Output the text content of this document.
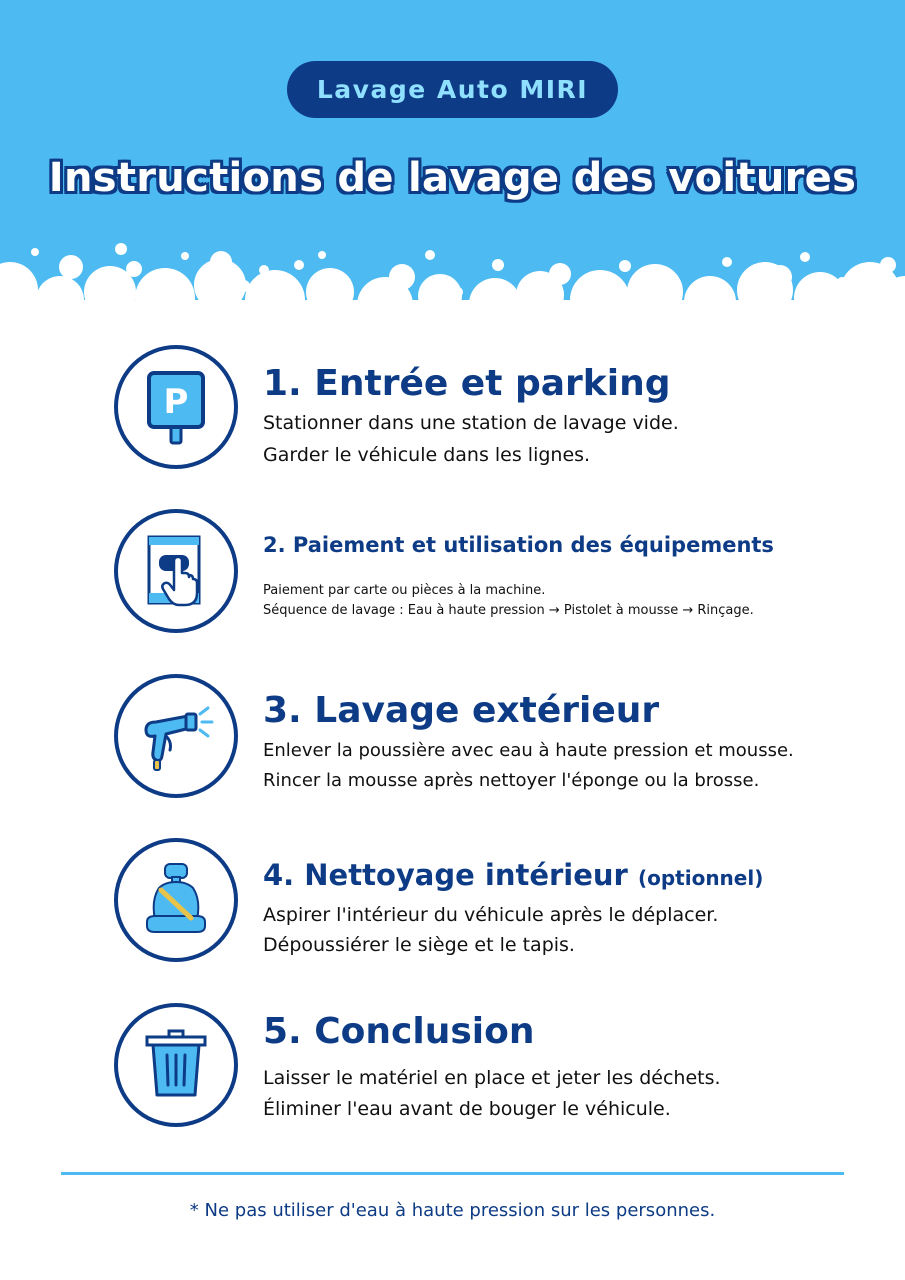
Lavage Auto MIRI
Instructions de lavage des voitures
P 1. Entrée et parking
Stationner dans une station de lavage vide.
Garder le véhicule dans les lignes.
2. Paiement et utilisation des équipements
Paiement par carte ou pièces à la machine.
Séquence de lavage : Eau à haute pression → Pistolet à mousse → Rinçage.
3. Lavage extérieur
Enlever la poussière avec eau à haute pression et mousse.
Rincer la mousse après nettoyer l'éponge ou la brosse.
4. Nettoyage intérieur (optionnel)
Aspirer l'intérieur du véhicule après le déplacer.
Dépoussiérer le siège et le tapis.
5. Conclusion
Laisser le matériel en place et jeter les déchets.
Éliminer l'eau avant de bouger le véhicule.
* Ne pas utiliser d'eau à haute pression sur les personnes.
